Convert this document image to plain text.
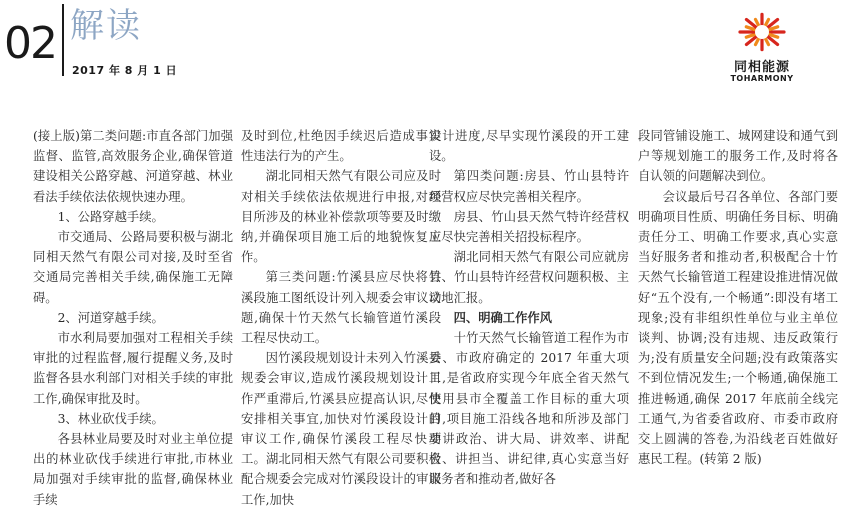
02 解读
2017 年 8 月 1 日	同相能源
TOHARMONY

(接上版)第二类问题:市直各部门加强监督、监管,高效服务企业,确保管道建设相关公路穿越、河道穿越、林业看法手续依法依规快速办理。

1、公路穿越手续。

市交通局、公路局要积极与湖北同相天然气有限公司对接,及时至省交通局完善相关手续,确保施工无障碍。

2、河道穿越手续。

市水利局要加强对工程相关手续审批的过程监督,履行提醒义务,及时监督各县水利部门对相关手续的审批工作,确保审批及时。

3、林业砍伐手续。

各县林业局要及时对业主单位提出的林业砍伐手续进行审批,市林业局加强对手续审批的监督,确保林业手续

及时到位,杜绝因手续迟后造成事实性违法行为的产生。

湖北同相天然气有限公司应及时对相关手续依法依规进行申报,对项目所涉及的林业补偿款项等要及时缴纳,并确保项目施工后的地貌恢复工作。

第三类问题:竹溪县应尽快将竹溪段施工图纸设计列入规委会审议议题,确保十竹天然气长输管道竹溪段工程尽快动工。

因竹溪段规划设计未列入竹溪县规委会审议,造成竹溪段规划设计工作严重滞后,竹溪县应提高认识,尽快安排相关事宜,加快对竹溪段设计的审议工作,确保竹溪段工程尽快动工。湖北同相天然气有限公司要积极配合规委会完成对竹溪段设计的审议工作,加快

设计进度,尽早实现竹溪段的开工建设。

第四类问题:房县、竹山县特许经营权应尽快完善相关程序。

房县、竹山县天然气特许经营权应尽快完善相关招投标程序。

湖北同相天然气有限公司应就房县、竹山县特许经营权问题积极、主动地汇报。

四、明确工作作风

十竹天然气长输管道工程作为市委、市政府确定的 2017 年重大项目,是省政府实现今年底全省天然气使用县市全覆盖工作目标的重大项目,项目施工沿线各地和所涉及部门要讲政治、讲大局、讲效率、讲配合、讲担当、讲纪律,真心实意当好服务者和推动者,做好各

段同管铺设施工、城网建设和通气到户等规划施工的服务工作,及时将各自认领的问题解决到位。

会议最后号召各单位、各部门要明确项目性质、明确任务目标、明确责任分工、明确工作要求,真心实意当好服务者和推动者,积极配合十竹天然气长输管道工程建设推进情况做好“五个没有,一个畅通”:即没有堵工现象;没有非组织性单位与业主单位谈判、协调;没有违规、违反政策行为;没有质量安全问题;没有政策落实不到位情况发生;一个畅通,确保施工推进畅通,确保 2017 年底前全线完工通气,为省委省政府、市委市政府交上圆满的答卷,为沿线老百姓做好惠民工程。(转第 2 版)
